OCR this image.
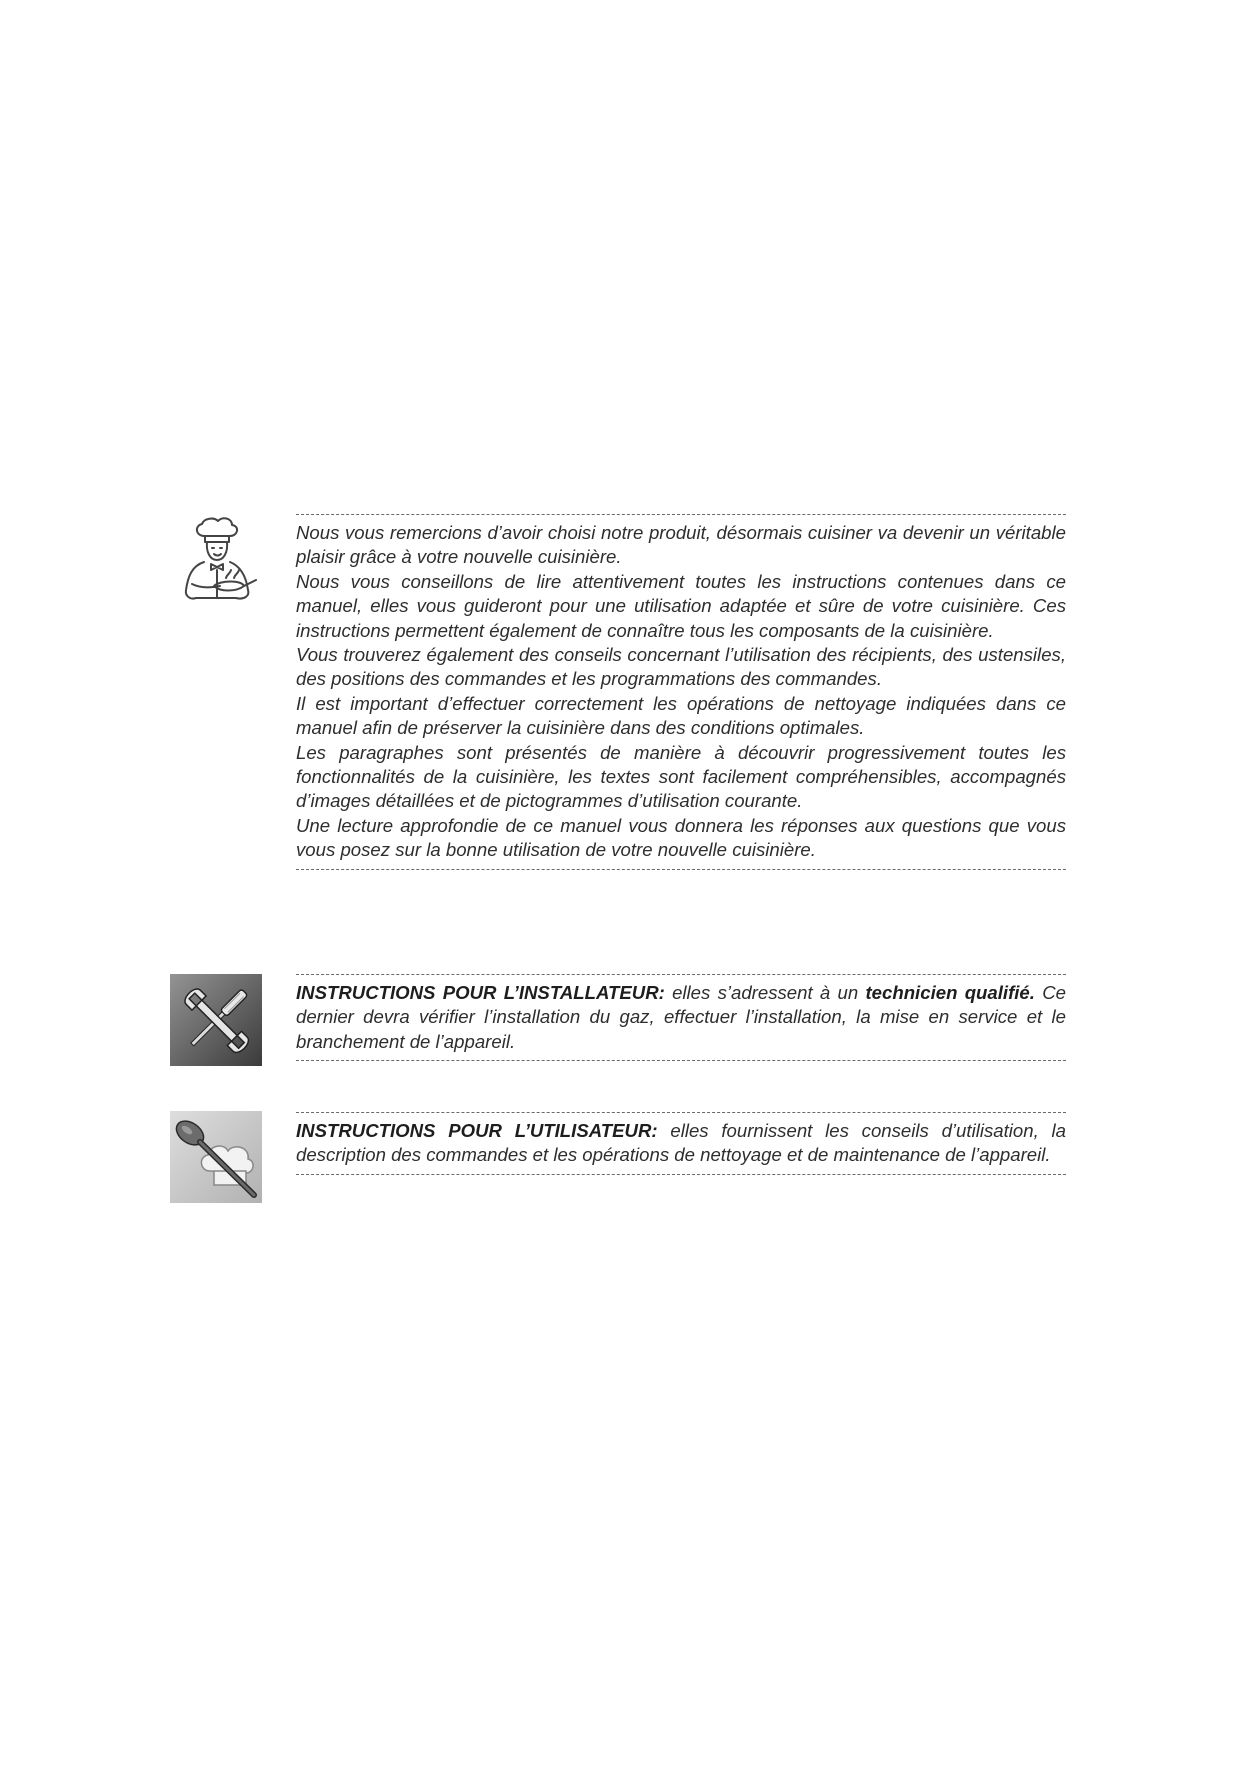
Nous vous remercions d’avoir choisi notre produit, désormais cuisiner va devenir un véritable plaisir grâce à votre nouvelle cuisinière.

Nous vous conseillons de lire attentivement toutes les instructions contenues dans ce manuel, elles vous guideront pour une utilisation adaptée et sûre de votre cuisinière. Ces instructions permettent également de connaître tous les composants de la cuisinière.

Vous trouverez également des conseils concernant l’utilisation des récipients, des ustensiles, des positions des commandes et les programmations des commandes.

Il est important d’effectuer correctement les opérations de nettoyage indiquées dans ce manuel afin de préserver la cuisinière dans des conditions optimales.

Les paragraphes sont présentés de manière à découvrir progressivement toutes les fonctionnalités de la cuisinière, les textes sont facilement compréhensibles, accompagnés d’images détaillées et de pictogrammes d’utilisation courante.

Une lecture approfondie de ce manuel vous donnera les réponses aux questions que vous vous posez sur la bonne utilisation de votre nouvelle cuisinière.

INSTRUCTIONS POUR L’INSTALLATEUR: elles s’adressent à un technicien qualifié. Ce dernier devra vérifier l’installation du gaz, effectuer l’installation, la mise en service et le branchement de l’appareil.

INSTRUCTIONS POUR L’UTILISATEUR: elles fournissent les conseils d’utilisation, la description des commandes et les opérations de nettoyage et de maintenance de l’appareil.
